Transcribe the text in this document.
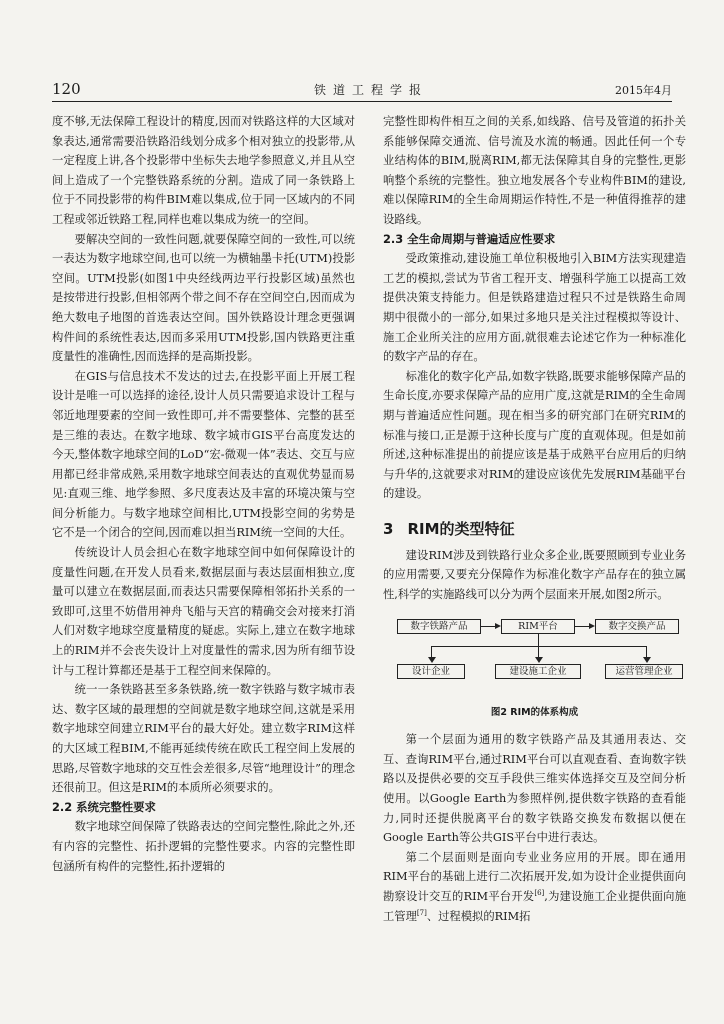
120	铁道工程学报	2015年4月

度不够,无法保障工程设计的精度,因而对铁路这样的大区域对象表达,通常需要沿铁路沿线划分成多个相对独立的投影带,从一定程度上讲,各个投影带中坐标失去地学参照意义,并且从空间上造成了一个完整铁路系统的分割。造成了同一条铁路上位于不同投影带的构件BIM难以集成,位于同一区域内的不同工程或邻近铁路工程,同样也难以集成为统一的空间。

要解决空间的一致性问题,就要保障空间的一致性,可以统一表达为数字地球空间,也可以统一为横轴墨卡托(UTM)投影空间。UTM投影(如图1中央经线两边平行投影区域)虽然也是按带进行投影,但相邻两个带之间不存在空间空白,因而成为绝大数电子地图的首选表达空间。国外铁路设计理念更强调构件间的系统性表达,因而多采用UTM投影,国内铁路更注重度量性的准确性,因而选择的是高斯投影。

在GIS与信息技术不发达的过去,在投影平面上开展工程设计是唯一可以选择的途径,设计人员只需要追求设计工程与邻近地理要素的空间一致性即可,并不需要整体、完整的甚至是三维的表达。在数字地球、数字城市GIS平台高度发达的今天,整体数字地球空间的LoD“宏-微观一体”表达、交互与应用都已经非常成熟,采用数字地球空间表达的直观优势显而易见:直观三维、地学参照、多尺度表达及丰富的环境决策与空间分析能力。与数字地球空间相比,UTM投影空间的劣势是它不是一个闭合的空间,因而难以担当RIM统一空间的大任。

传统设计人员会担心在数字地球空间中如何保障设计的度量性问题,在开发人员看来,数据层面与表达层面相独立,度量可以建立在数据层面,而表达只需要保障相邻拓扑关系的一致即可,这里不妨借用神舟飞船与天宫的精确交会对接来打消人们对数字地球空度量精度的疑虑。实际上,建立在数字地球上的RIM并不会丧失设计上对度量性的需求,因为所有细节设计与工程计算都还是基于工程空间来保障的。

统一一条铁路甚至多条铁路,统一数字铁路与数字城市表达、数字区域的最理想的空间就是数字地球空间,这就是采用数字地球空间建立RIM平台的最大好处。建立数字RIM这样的大区域工程BIM,不能再延续传统在欧氏工程空间上发展的思路,尽管数字地球的交互性会差很多,尽管“地理设计”的理念还很前卫。但这是RIM的本质所必须要求的。

2.2 系统完整性要求

数字地球空间保障了铁路表达的空间完整性,除此之外,还有内容的完整性、拓扑逻辑的完整性要求。内容的完整性即包涵所有构件的完整性,拓扑逻辑的

完整性即构件相互之间的关系,如线路、信号及管道的拓扑关系能够保障交通流、信号流及水流的畅通。因此任何一个专业结构体的BIM,脱离RIM,都无法保障其自身的完整性,更影响整个系统的完整性。独立地发展各个专业构件BIM的建设,难以保障RIM的全生命周期运作特性,不是一种值得推荐的建设路线。

2.3 全生命周期与普遍适应性要求

受政策推动,建设施工单位积极地引入BIM方法实现建造工艺的模拟,尝试为节省工程开支、增强科学施工以提高工效提供决策支持能力。但是铁路建造过程只不过是铁路生命周期中很微小的一部分,如果过多地只是关注过程模拟等设计、施工企业所关注的应用方面,就很难去论述它作为一种标准化的数字产品的存在。

标准化的数字化产品,如数字铁路,既要求能够保障产品的生命长度,亦要求保障产品的应用广度,这就是RIM的全生命周期与普遍适应性问题。现在相当多的研究部门在研究RIM的标准与接口,正是源于这种长度与广度的直观体现。但是如前所述,这种标准提出的前提应该是基于成熟平台应用后的归纳与升华的,这就要求对RIM的建设应该优先发展RIM基础平台的建设。

3 RIM的类型特征

建设RIM涉及到铁路行业众多企业,既要照顾到专业业务的应用需要,又要充分保障作为标准化数字产品存在的独立属性,科学的实施路线可以分为两个层面来开展,如图2所示。

数字铁路产品	RIM平台	数字交换产品
设计企业	建设施工企业	运营管理企业
图2 RIM的体系构成

第一个层面为通用的数字铁路产品及其通用表达、交互、查询RIM平台,通过RIM平台可以直观查看、查询数字铁路以及提供必要的交互手段供三维实体选择交互及空间分析使用。以Google Earth为参照样例,提供数字铁路的查看能力,同时还提供脱离平台的数字铁路交换发布数据以便在Google Earth等公共GIS平台中进行表达。

第二个层面则是面向专业业务应用的开展。即在通用RIM平台的基础上进行二次拓展开发,如为设计企业提供面向勘察设计交互的RIM平台开发[6],为建设施工企业提供面向施工管理[7]、过程模拟的RIM拓
